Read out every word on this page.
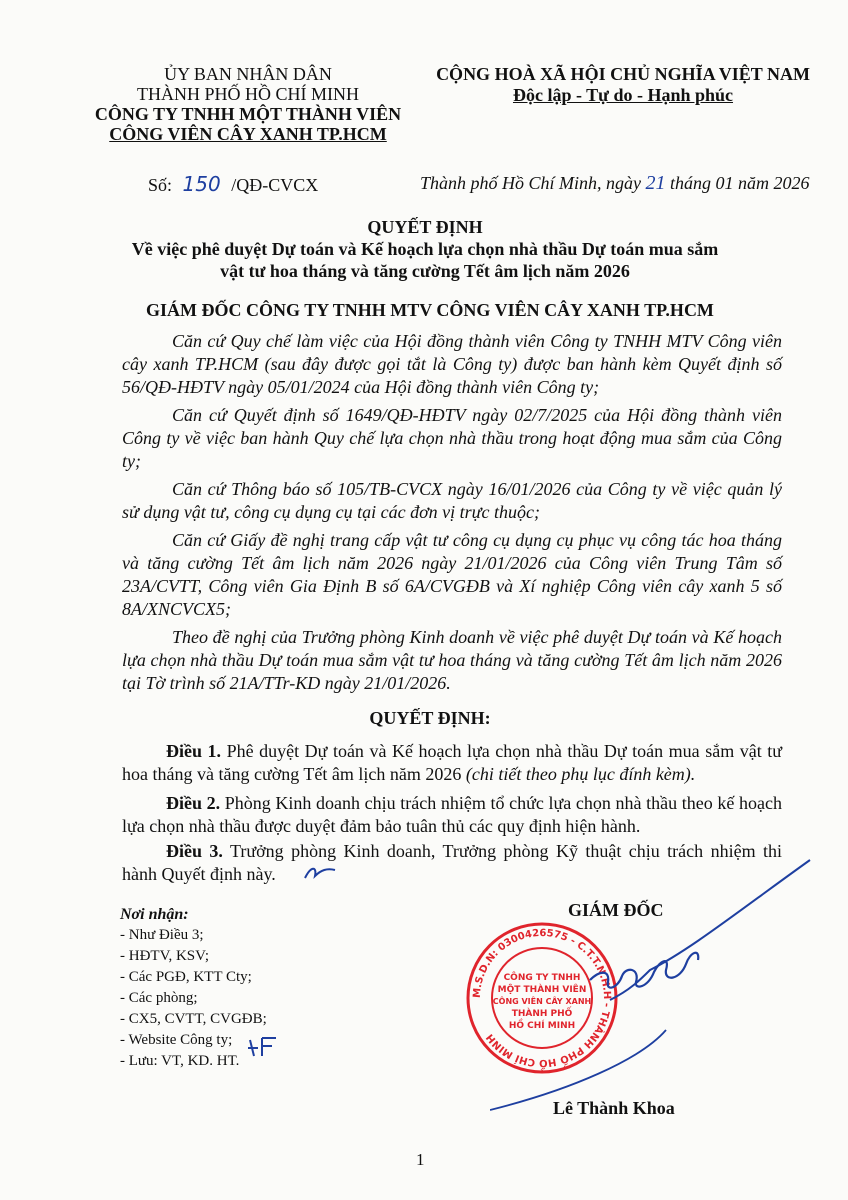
ỦY BAN NHÂN DÂN
THÀNH PHỐ HỒ CHÍ MINH
CÔNG TY TNHH MỘT THÀNH VIÊN
CÔNG VIÊN CÂY XANH TP.HCM
CỘNG HOÀ XÃ HỘI CHỦ NGHĨA VIỆT NAM
Độc lập - Tự do - Hạnh phúc
Số: 150 /QĐ-CVCX	Thành phố Hồ Chí Minh, ngày 21 tháng 01 năm 2026
QUYẾT ĐỊNH
Về việc phê duyệt Dự toán và Kế hoạch lựa chọn nhà thầu Dự toán mua sắm
vật tư hoa tháng và tăng cường Tết âm lịch năm 2026
GIÁM ĐỐC CÔNG TY TNHH MTV CÔNG VIÊN CÂY XANH TP.HCM
Căn cứ Quy chế làm việc của Hội đồng thành viên Công ty TNHH MTV Công viên cây xanh TP.HCM (sau đây được gọi tắt là Công ty) được ban hành kèm Quyết định số 56/QĐ-HĐTV ngày 05/01/2024 của Hội đồng thành viên Công ty;
Căn cứ Quyết định số 1649/QĐ-HĐTV ngày 02/7/2025 của Hội đồng thành viên Công ty về việc ban hành Quy chế lựa chọn nhà thầu trong hoạt động mua sắm của Công ty;
Căn cứ Thông báo số 105/TB-CVCX ngày 16/01/2026 của Công ty về việc quản lý sử dụng vật tư, công cụ dụng cụ tại các đơn vị trực thuộc;
Căn cứ Giấy đề nghị trang cấp vật tư công cụ dụng cụ phục vụ công tác hoa tháng và tăng cường Tết âm lịch năm 2026 ngày 21/01/2026 của Công viên Trung Tâm số 23A/CVTT, Công viên Gia Định B số 6A/CVGĐB và Xí nghiệp Công viên cây xanh 5 số 8A/XNCVCX5;
Theo đề nghị của Trưởng phòng Kinh doanh về việc phê duyệt Dự toán và Kế hoạch lựa chọn nhà thầu Dự toán mua sắm vật tư hoa tháng và tăng cường Tết âm lịch năm 2026 tại Tờ trình số 21A/TTr-KD ngày 21/01/2026.
QUYẾT ĐỊNH:
Điều 1. Phê duyệt Dự toán và Kế hoạch lựa chọn nhà thầu Dự toán mua sắm vật tư hoa tháng và tăng cường Tết âm lịch năm 2026 (chi tiết theo phụ lục đính kèm).
Điều 2. Phòng Kinh doanh chịu trách nhiệm tổ chức lựa chọn nhà thầu theo kế hoạch lựa chọn nhà thầu được duyệt đảm bảo tuân thủ các quy định hiện hành.
Điều 3. Trưởng phòng Kinh doanh, Trưởng phòng Kỹ thuật chịu trách nhiệm thi hành Quyết định này.
Nơi nhận:
- Như Điều 3;
- HĐTV, KSV;
- Các PGĐ, KTT Cty;
- Các phòng;
- CX5, CVTT, CVGĐB;
- Website Công ty;
- Lưu: VT, KD. HT.
GIÁM ĐỐC
M.S.D.N: 0300426575 - C.T.T.N.H.H - THÀNH PHỐ HỒ CHÍ MINH
CÔNG TY TNHH
MỘT THÀNH VIÊN
CÔNG VIÊN CÂY XANH
THÀNH PHỐ
HỒ CHÍ MINH
Lê Thành Khoa
1
